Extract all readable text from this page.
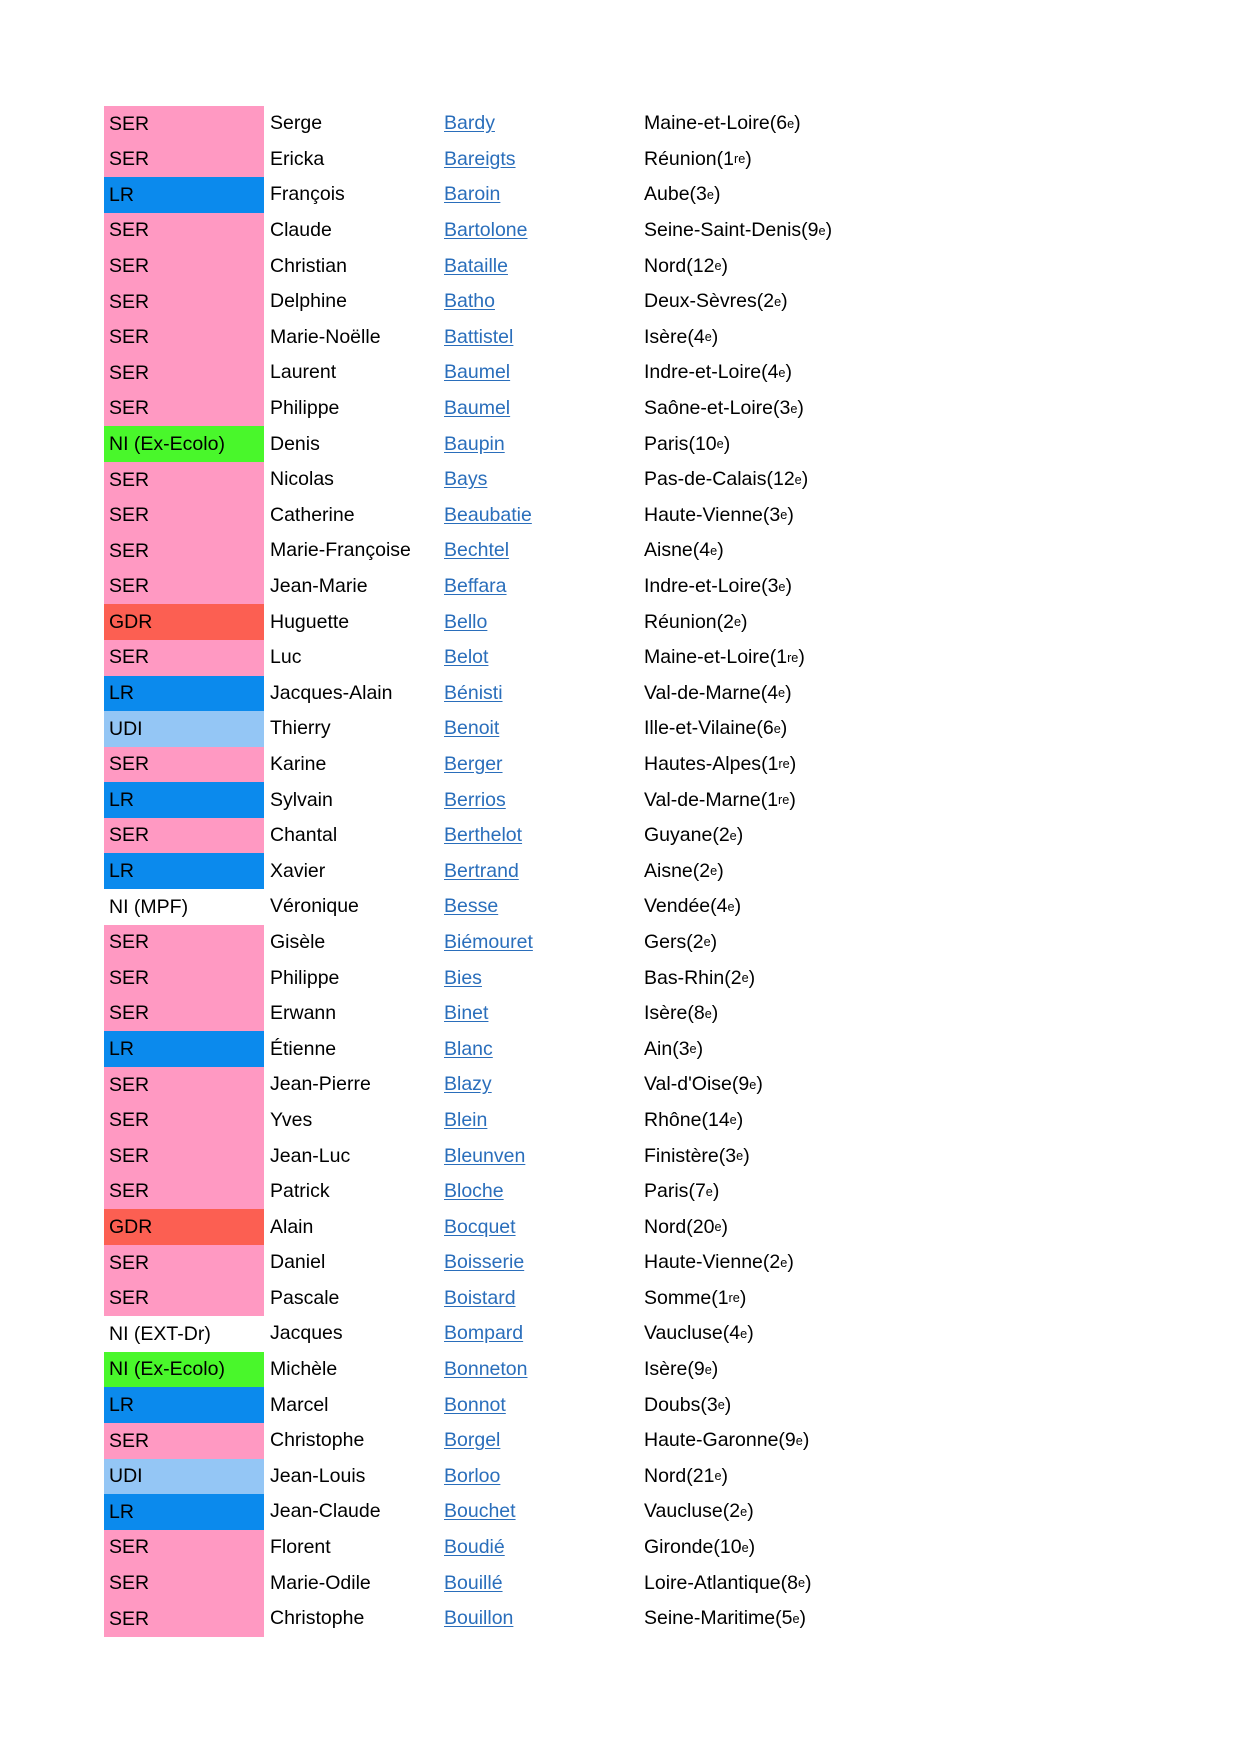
SER	Serge	Bardy	Maine-et-Loire ( 6 e )
SER	Ericka	Bareigts	Réunion ( 1 re )
LR	François	Baroin	Aube ( 3 e )
SER	Claude	Bartolone	Seine-Saint-Denis ( 9 e )
SER	Christian	Bataille	Nord ( 12 e )
SER	Delphine	Batho	Deux-Sèvres ( 2 e )
SER	Marie-Noëlle	Battistel	Isère ( 4 e )
SER	Laurent	Baumel	Indre-et-Loire ( 4 e )
SER	Philippe	Baumel	Saône-et-Loire ( 3 e )
NI (Ex-Ecolo)	Denis	Baupin	Paris ( 10 e )
SER	Nicolas	Bays	Pas-de-Calais ( 12 e )
SER	Catherine	Beaubatie	Haute-Vienne ( 3 e )
SER	Marie-Françoise	Bechtel	Aisne ( 4 e )
SER	Jean-Marie	Beffara	Indre-et-Loire ( 3 e )
GDR	Huguette	Bello	Réunion ( 2 e )
SER	Luc	Belot	Maine-et-Loire ( 1 re )
LR	Jacques-Alain	Bénisti	Val-de-Marne ( 4 e )
UDI	Thierry	Benoit	Ille-et-Vilaine ( 6 e )
SER	Karine	Berger	Hautes-Alpes ( 1 re )
LR	Sylvain	Berrios	Val-de-Marne ( 1 re )
SER	Chantal	Berthelot	Guyane ( 2 e )
LR	Xavier	Bertrand	Aisne ( 2 e )
NI (MPF)	Véronique	Besse	Vendée ( 4 e )
SER	Gisèle	Biémouret	Gers ( 2 e )
SER	Philippe	Bies	Bas-Rhin ( 2 e )
SER	Erwann	Binet	Isère ( 8 e )
LR	Étienne	Blanc	Ain ( 3 e )
SER	Jean-Pierre	Blazy	Val-d'Oise ( 9 e )
SER	Yves	Blein	Rhône ( 14 e )
SER	Jean-Luc	Bleunven	Finistère ( 3 e )
SER	Patrick	Bloche	Paris ( 7 e )
GDR	Alain	Bocquet	Nord ( 20 e )
SER	Daniel	Boisserie	Haute-Vienne ( 2 e )
SER	Pascale	Boistard	Somme ( 1 re )
NI (EXT-Dr)	Jacques	Bompard	Vaucluse ( 4 e )
NI (Ex-Ecolo)	Michèle	Bonneton	Isère ( 9 e )
LR	Marcel	Bonnot	Doubs ( 3 e )
SER	Christophe	Borgel	Haute-Garonne ( 9 e )
UDI	Jean-Louis	Borloo	Nord ( 21 e )
LR	Jean-Claude	Bouchet	Vaucluse ( 2 e )
SER	Florent	Boudié	Gironde ( 10 e )
SER	Marie-Odile	Bouillé	Loire-Atlantique ( 8 e )
SER	Christophe	Bouillon	Seine-Maritime ( 5 e )
